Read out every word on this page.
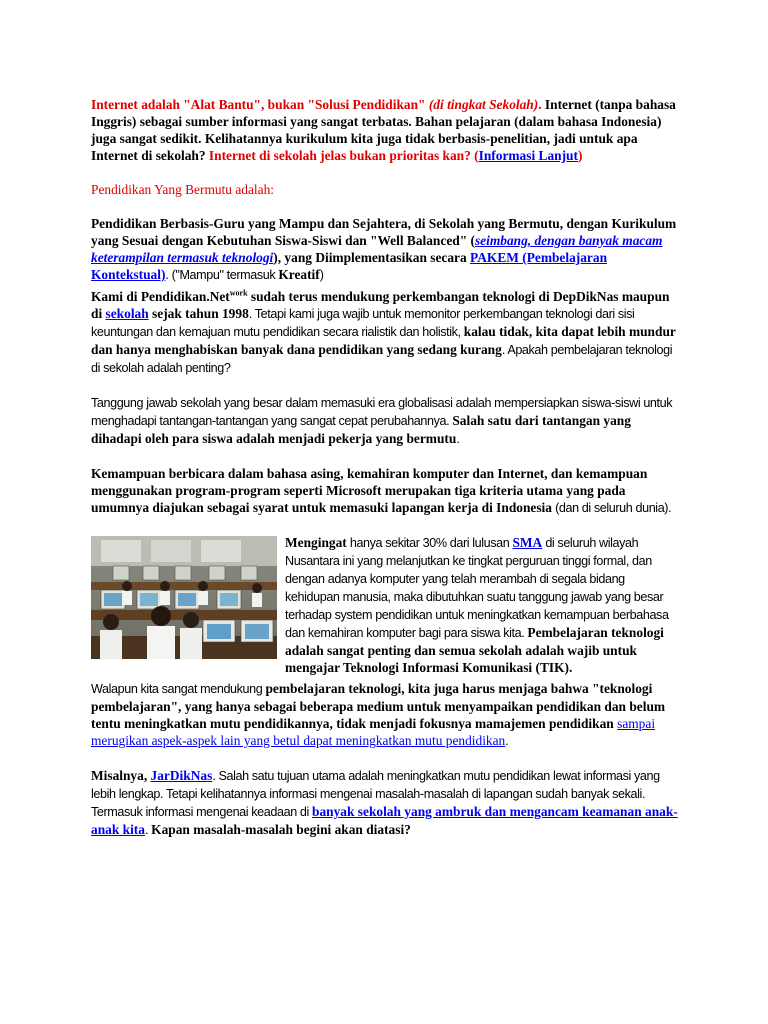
Internet adalah "Alat Bantu", bukan "Solusi Pendidikan" (di tingkat Sekolah). Internet (tanpa bahasa Inggris) sebagai sumber informasi yang sangat terbatas. Bahan pelajaran (dalam bahasa Indonesia) juga sangat sedikit. Kelihatannya kurikulum kita juga tidak berbasis-penelitian, jadi untuk apa Internet di sekolah? Internet di sekolah jelas bukan prioritas kan? (Informasi Lanjut)

Pendidikan Yang Bermutu adalah:

Pendidikan Berbasis-Guru yang Mampu dan Sejahtera, di Sekolah yang Bermutu, dengan Kurikulum yang Sesuai dengan Kebutuhan Siswa-Siswi dan "Well Balanced" (seimbang, dengan banyak macam keterampilan termasuk teknologi), yang Diimplementasikan secara PAKEM (Pembelajaran Kontekstual). ("Mampu" termasuk Kreatif)

Kami di Pendidikan.Net$^{work}$ sudah terus mendukung perkembangan teknologi di DepDikNas maupun di sekolah sejak tahun 1998. Tetapi kami juga wajib untuk memonitor perkembangan teknologi dari sisi keuntungan dan kemajuan mutu pendidikan secara rialistik dan holistik, kalau tidak, kita dapat lebih mundur dan hanya menghabiskan banyak dana pendidikan yang sedang kurang. Apakah pembelajaran teknologi di sekolah adalah penting?

Tanggung jawab sekolah yang besar dalam memasuki era globalisasi adalah mempersiapkan siswa-siswi untuk menghadapi tantangan-tantangan yang sangat cepat perubahannya. Salah satu dari tantangan yang dihadapi oleh para siswa adalah menjadi pekerja yang bermutu.

Kemampuan berbicara dalam bahasa asing, kemahiran komputer dan Internet, dan kemampuan menggunakan program-program seperti Microsoft merupakan tiga kriteria utama yang pada umumnya diajukan sebagai syarat untuk memasuki lapangan kerja di Indonesia (dan di seluruh dunia).

Mengingat hanya sekitar 30% dari lulusan SMA di seluruh wilayah Nusantara ini yang melanjutkan ke tingkat perguruan tinggi formal, dan dengan adanya komputer yang telah merambah di segala bidang kehidupan manusia, maka dibutuhkan suatu tanggung jawab yang besar terhadap system pendidikan untuk meningkatkan kemampuan berbahasa dan kemahiran komputer bagi para siswa kita. Pembelajaran teknologi adalah sangat penting dan semua sekolah adalah wajib untuk mengajar Teknologi Informasi Komunikasi (TIK).

Walapun kita sangat mendukung pembelajaran teknologi, kita juga harus menjaga bahwa "teknologi pembelajaran", yang hanya sebagai beberapa medium untuk menyampaikan pendidikan dan belum tentu meningkatkan mutu pendidikannya, tidak menjadi fokusnya mamajemen pendidikan sampai merugikan aspek-aspek lain yang betul dapat meningkatkan mutu pendidikan.

Misalnya, JarDikNas. Salah satu tujuan utama adalah meningkatkan mutu pendidikan lewat informasi yang lebih lengkap. Tetapi kelihatannya informasi mengenai masalah-masalah di lapangan sudah banyak sekali. Termasuk informasi mengenai keadaan di banyak sekolah yang ambruk dan mengancam keamanan anak-anak kita. Kapan masalah-masalah begini akan diatasi?
